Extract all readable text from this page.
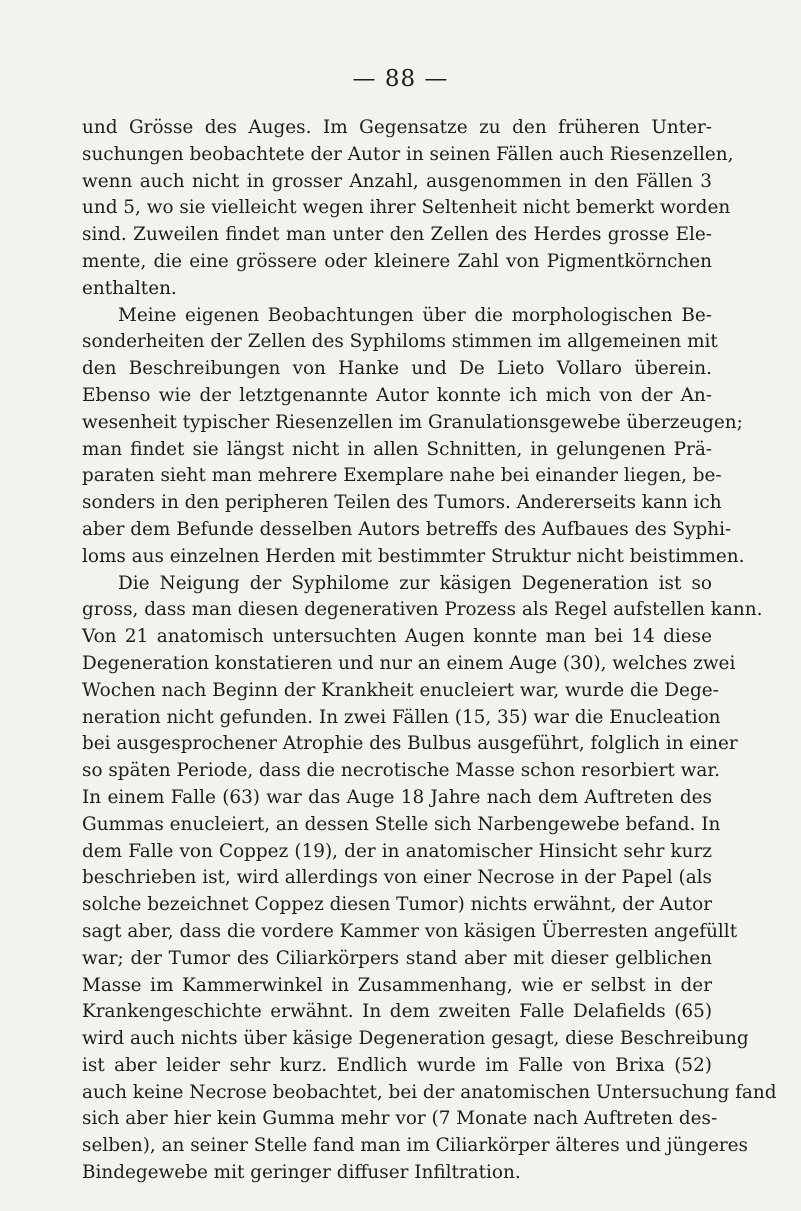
— 88 —
und Grösse des Auges. Im Gegensatze zu den früheren Unter-
suchungen beobachtete der Autor in seinen Fällen auch Riesenzellen,
wenn auch nicht in grosser Anzahl, ausgenommen in den Fällen 3
und 5, wo sie vielleicht wegen ihrer Seltenheit nicht bemerkt worden
sind. Zuweilen findet man unter den Zellen des Herdes grosse Ele-
mente, die eine grössere oder kleinere Zahl von Pigmentkörnchen
enthalten.
Meine eigenen Beobachtungen über die morphologischen Be-
sonderheiten der Zellen des Syphiloms stimmen im allgemeinen mit
den Beschreibungen von Hanke und De Lieto Vollaro überein.
Ebenso wie der letztgenannte Autor konnte ich mich von der An-
wesenheit typischer Riesenzellen im Granulationsgewebe überzeugen;
man findet sie längst nicht in allen Schnitten, in gelungenen Prä-
paraten sieht man mehrere Exemplare nahe bei einander liegen, be-
sonders in den peripheren Teilen des Tumors. Andererseits kann ich
aber dem Befunde desselben Autors betreffs des Aufbaues des Syphi-
loms aus einzelnen Herden mit bestimmter Struktur nicht beistimmen.
Die Neigung der Syphilome zur käsigen Degeneration ist so
gross, dass man diesen degenerativen Prozess als Regel aufstellen kann.
Von 21 anatomisch untersuchten Augen konnte man bei 14 diese
Degeneration konstatieren und nur an einem Auge (30), welches zwei
Wochen nach Beginn der Krankheit enucleiert war, wurde die Dege-
neration nicht gefunden. In zwei Fällen (15, 35) war die Enucleation
bei ausgesprochener Atrophie des Bulbus ausgeführt, folglich in einer
so späten Periode, dass die necrotische Masse schon resorbiert war.
In einem Falle (63) war das Auge 18 Jahre nach dem Auftreten des
Gummas enucleiert, an dessen Stelle sich Narbengewebe befand. In
dem Falle von Coppez (19), der in anatomischer Hinsicht sehr kurz
beschrieben ist, wird allerdings von einer Necrose in der Papel (als
solche bezeichnet Coppez diesen Tumor) nichts erwähnt, der Autor
sagt aber, dass die vordere Kammer von käsigen Überresten angefüllt
war; der Tumor des Ciliarkörpers stand aber mit dieser gelblichen
Masse im Kammerwinkel in Zusammenhang, wie er selbst in der
Krankengeschichte erwähnt. In dem zweiten Falle Delafields (65)
wird auch nichts über käsige Degeneration gesagt, diese Beschreibung
ist aber leider sehr kurz. Endlich wurde im Falle von Brixa (52)
auch keine Necrose beobachtet, bei der anatomischen Untersuchung fand
sich aber hier kein Gumma mehr vor (7 Monate nach Auftreten des-
selben), an seiner Stelle fand man im Ciliarkörper älteres und jüngeres
Bindegewebe mit geringer diffuser Infiltration.
